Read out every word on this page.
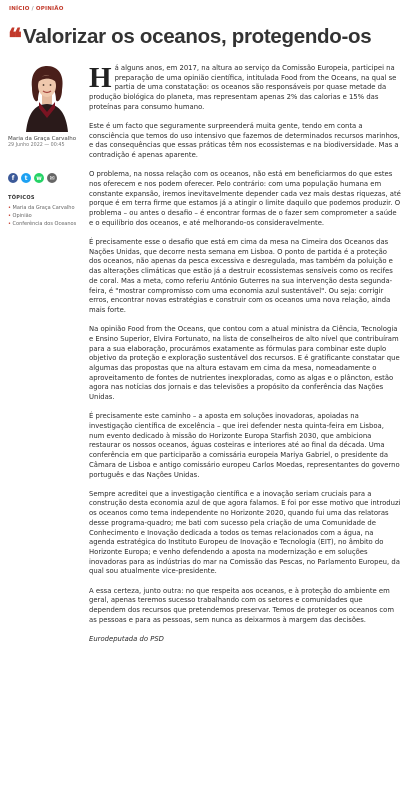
INÍCIO / OPINIÃO
❝ Valorizar os oceanos, protegendo-os
Maria da Graça Carvalho
29 Junho 2022 — 00:45
f t w ✉
TÓPICOS
• Maria da Graça Carvalho
• Opinião
• Conferência dos Oceanos

Há alguns anos, em 2017, na altura ao serviço da Comissão Europeia, participei na preparação de uma opinião científica, intitulada Food from the Oceans, na qual se partia de uma constatação: os oceanos são responsáveis por quase metade da produção biológica do planeta, mas representam apenas 2% das calorias e 15% das proteínas para consumo humano.

Este é um facto que seguramente surpreenderá muita gente, tendo em conta a consciência que temos do uso intensivo que fazemos de determinados recursos marinhos, e das consequências que essas práticas têm nos ecossistemas e na biodiversidade. Mas a contradição é apenas aparente.

O problema, na nossa relação com os oceanos, não está em beneficiarmos do que estes nos oferecem e nos podem oferecer. Pelo contrário: com uma população humana em constante expansão, iremos inevitavelmente depender cada vez mais destas riquezas, até porque é em terra firme que estamos já a atingir o limite daquilo que podemos produzir. O problema – ou antes o desafio – é encontrar formas de o fazer sem comprometer a saúde e o equilíbrio dos oceanos, e até melhorando-os consideravelmente.

É precisamente esse o desafio que está em cima da mesa na Cimeira dos Oceanos das Nações Unidas, que decorre nesta semana em Lisboa. O ponto de partida é a proteção dos oceanos, não apenas da pesca excessiva e desregulada, mas também da poluição e das alterações climáticas que estão já a destruir ecossistemas sensíveis como os recifes de coral. Mas a meta, como referiu António Guterres na sua intervenção desta segunda-feira, é "mostrar compromisso com uma economia azul sustentável". Ou seja: corrigir erros, encontrar novas estratégias e construir com os oceanos uma nova relação, ainda mais forte.

Na opinião Food from the Oceans, que contou com a atual ministra da Ciência, Tecnologia e Ensino Superior, Elvira Fortunato, na lista de conselheiros de alto nível que contribuíram para a sua elaboração, procurámos exatamente as fórmulas para combinar este duplo objetivo da proteção e exploração sustentável dos recursos. E é gratificante constatar que algumas das propostas que na altura estavam em cima da mesa, nomeadamente o aproveitamento de fontes de nutrientes inexploradas, como as algas e o plâncton, estão agora nas notícias dos jornais e das televisões a propósito da conferência das Nações Unidas.

É precisamente este caminho – a aposta em soluções inovadoras, apoiadas na investigação científica de excelência – que irei defender nesta quinta-feira em Lisboa, num evento dedicado à missão do Horizonte Europa Starfish 2030, que ambiciona restaurar os nossos oceanos, águas costeiras e interiores até ao final da década. Uma conferência em que participarão a comissária europeia Mariya Gabriel, o presidente da Câmara de Lisboa e antigo comissário europeu Carlos Moedas, representantes do governo português e das Nações Unidas.

Sempre acreditei que a investigação científica e a inovação seriam cruciais para a construção desta economia azul de que agora falamos. E foi por esse motivo que introduzi os oceanos como tema independente no Horizonte 2020, quando fui uma das relatoras desse programa-quadro; me bati com sucesso pela criação de uma Comunidade de Conhecimento e Inovação dedicada a todos os temas relacionados com a água, na agenda estratégica do Instituto Europeu de Inovação e Tecnologia (EIT), no âmbito do Horizonte Europa; e venho defendendo a aposta na modernização e em soluções inovadoras para as indústrias do mar na Comissão das Pescas, no Parlamento Europeu, da qual sou atualmente vice-presidente.

A essa certeza, junto outra: no que respeita aos oceanos, e à proteção do ambiente em geral, apenas teremos sucesso trabalhando com os setores e comunidades que dependem dos recursos que pretendemos preservar. Temos de proteger os oceanos com as pessoas e para as pessoas, sem nunca as deixarmos à margem das decisões.

Eurodeputada do PSD
